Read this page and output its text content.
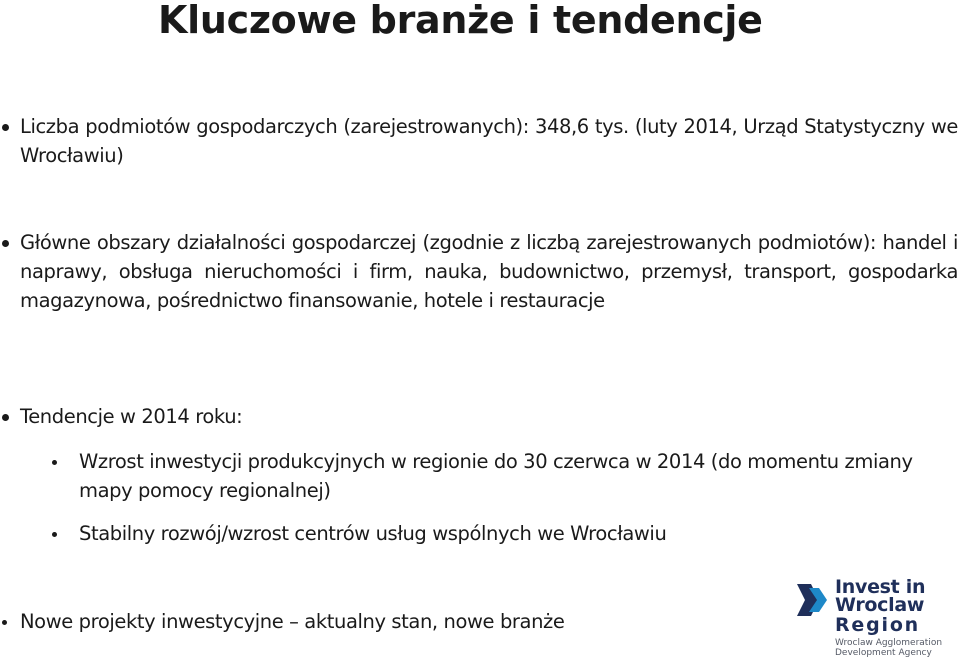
Kluczowe branże i tendencje
Liczba podmiotów gospodarczych (zarejestrowanych): 348,6 tys. (luty 2014, Urząd Statystyczny we Wrocławiu)
Główne obszary działalności gospodarczej (zgodnie z liczbą zarejestrowanych podmiotów): handel i naprawy, obsługa nieruchomości i firm, nauka, budownictwo, przemysł, transport, gospodarka magazynowa, pośrednictwo finansowanie, hotele i restauracje
Tendencje w 2014 roku:
Wzrost inwestycji produkcyjnych w regionie do 30 czerwca w 2014 (do momentu zmiany mapy pomocy regionalnej)
Stabilny rozwój/wzrost centrów usług wspólnych we Wrocławiu
Nowe projekty inwestycyjne – aktualny stan, nowe branże
Invest in
Wroclaw
Region
Wroclaw Agglomeration
Development Agency
